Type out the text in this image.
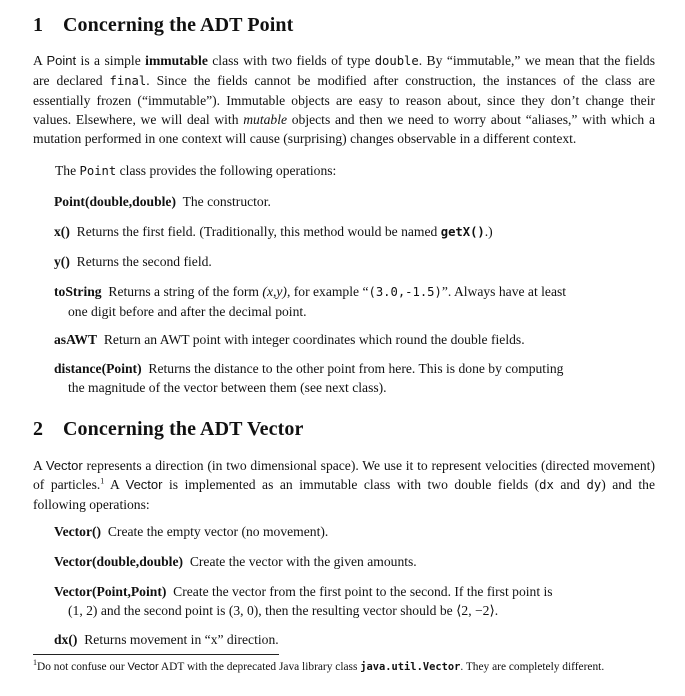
1 Concerning the ADT Point
A Point is a simple immutable class with two fields of type double. By “immutable,” we mean that the fields are declared final. Since the fields cannot be modified after construction, the instances of the class are essentially frozen (“immutable”). Immutable objects are easy to reason about, since they don’t change their values. Elsewhere, we will deal with mutable objects and then we need to worry about “aliases,” with which a mutation performed in one context will cause (surprising) changes observable in a different context.
The Point class provides the following operations:
Point(double,double) The constructor.
x() Returns the first field. (Traditionally, this method would be named getX().)
y() Returns the second field.
toString Returns a string of the form (x,y), for example “(3.0,-1.5)”. Always have at least
one digit before and after the decimal point.
asAWT Return an AWT point with integer coordinates which round the double fields.
distance(Point) Returns the distance to the other point from here. This is done by computing
the magnitude of the vector between them (see next class).
2 Concerning the ADT Vector
A Vector represents a direction (in two dimensional space). We use it to represent velocities (directed movement) of particles.$^1$ A Vector is implemented as an immutable class with two double fields (dx and dy) and the following operations:
Vector() Create the empty vector (no movement).
Vector(double,double) Create the vector with the given amounts.
Vector(Point,Point) Create the vector from the first point to the second. If the first point is
(1, 2) and the second point is (3, 0), then the resulting vector should be ⟨2, −2⟩.
dx() Returns movement in “x” direction.
$^1$Do not confuse our Vector ADT with the deprecated Java library class java.util.Vector. They are completely different.
